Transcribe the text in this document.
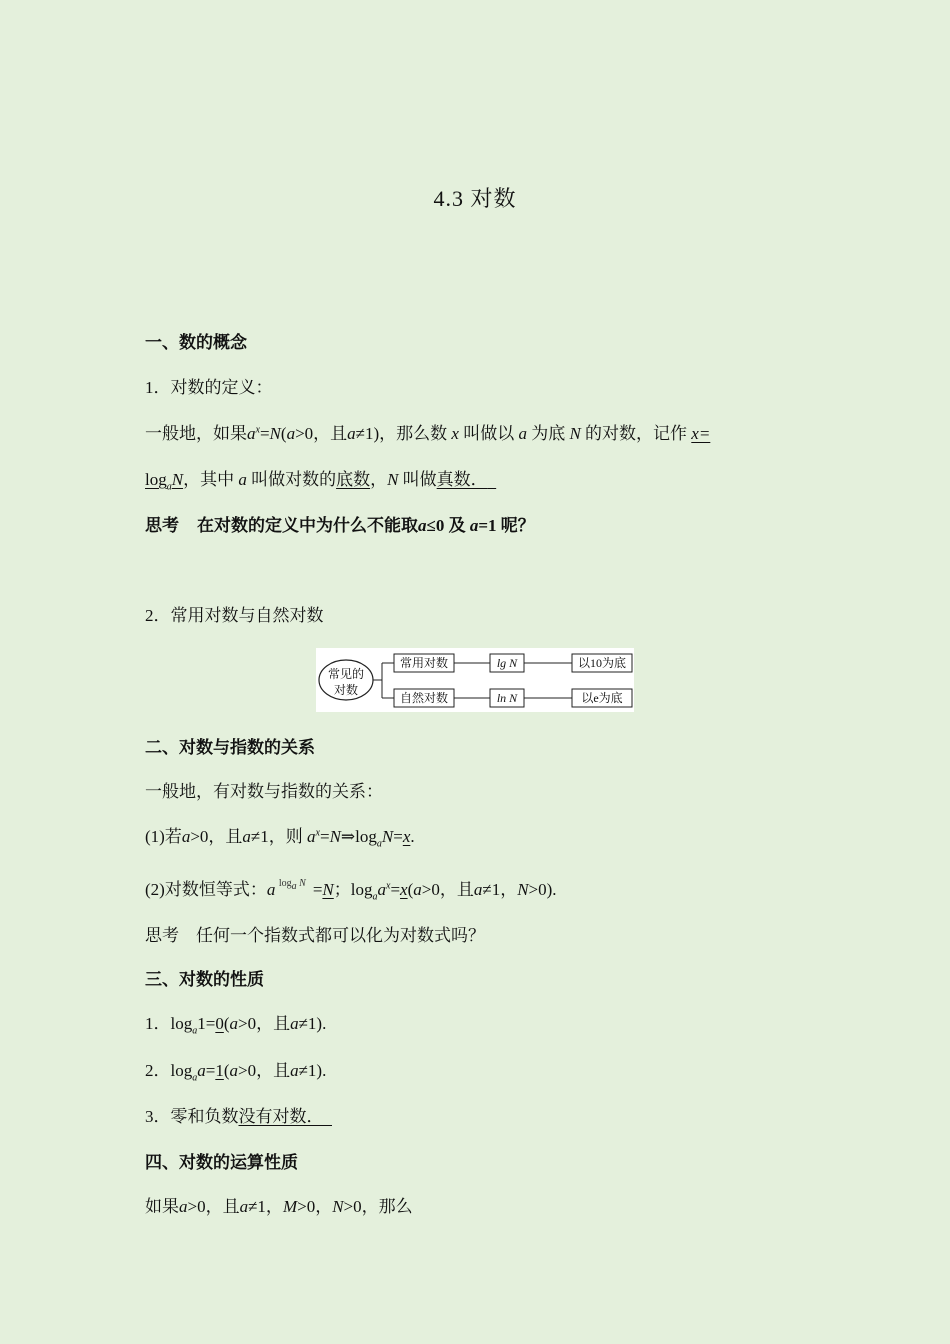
4.3 对数
一、数的概念
1．对数的定义：
一般地，如果$a^x=N(a>0$，且a≠1)，那么数 x 叫做以 a 为底 N 的对数，记作 x=
$\log_aN$，其中 a 叫做对数的底数，N 叫做真数．
思考 在对数的定义中为什么不能取a≤0 及 a=1 呢？
2．常用对数与自然对数
常见的
对数
常用对数	lg N	以10为底
自然对数	ln N	以e为底
二、对数与指数的关系
一般地，有对数与指数的关系：
(1)若a>0，且a≠1，则 $a^x=N\Rightarrow\log_aN=x$.
(2)对数恒等式： a $\log_a N =N$；$\log_aa^x=x(a>0$，且a≠1，N>0).
思考　任何一个指数式都可以化为对数式吗？
三、对数的性质
1．$\log_a1=0(a>0$，且a≠1).
2．$\log_aa=1(a>0$，且a≠1).
3．零和负数没有对数．
四、对数的运算性质
如果a>0，且a≠1，M>0，N>0，那么
